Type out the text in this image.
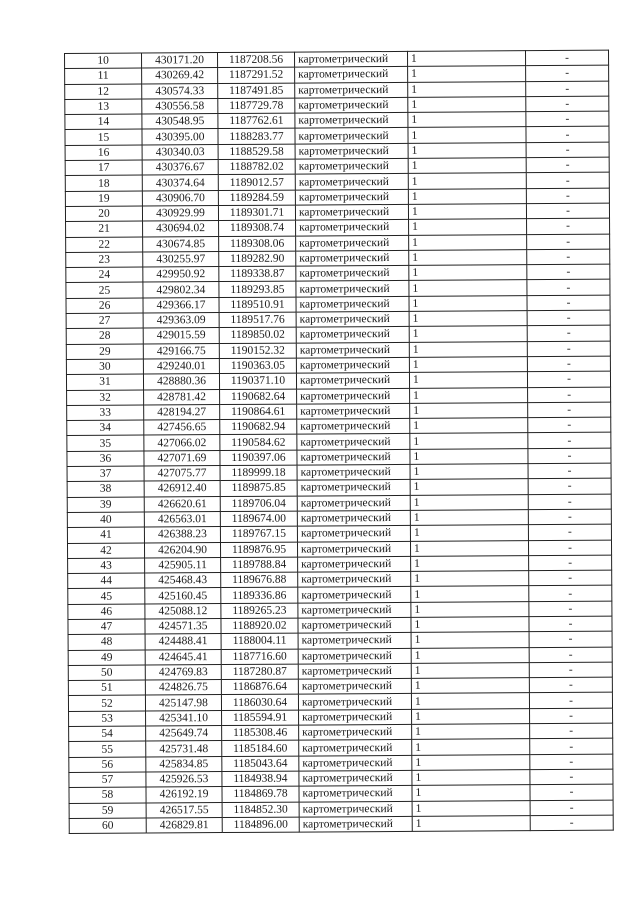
10	430171.20	1187208.56	картометрический	1	-
11	430269.42	1187291.52	картометрический	1	-
12	430574.33	1187491.85	картометрический	1	-
13	430556.58	1187729.78	картометрический	1	-
14	430548.95	1187762.61	картометрический	1	-
15	430395.00	1188283.77	картометрический	1	-
16	430340.03	1188529.58	картометрический	1	-
17	430376.67	1188782.02	картометрический	1	-
18	430374.64	1189012.57	картометрический	1	-
19	430906.70	1189284.59	картометрический	1	-
20	430929.99	1189301.71	картометрический	1	-
21	430694.02	1189308.74	картометрический	1	-
22	430674.85	1189308.06	картометрический	1	-
23	430255.97	1189282.90	картометрический	1	-
24	429950.92	1189338.87	картометрический	1	-
25	429802.34	1189293.85	картометрический	1	-
26	429366.17	1189510.91	картометрический	1	-
27	429363.09	1189517.76	картометрический	1	-
28	429015.59	1189850.02	картометрический	1	-
29	429166.75	1190152.32	картометрический	1	-
30	429240.01	1190363.05	картометрический	1	-
31	428880.36	1190371.10	картометрический	1	-
32	428781.42	1190682.64	картометрический	1	-
33	428194.27	1190864.61	картометрический	1	-
34	427456.65	1190682.94	картометрический	1	-
35	427066.02	1190584.62	картометрический	1	-
36	427071.69	1190397.06	картометрический	1	-
37	427075.77	1189999.18	картометрический	1	-
38	426912.40	1189875.85	картометрический	1	-
39	426620.61	1189706.04	картометрический	1	-
40	426563.01	1189674.00	картометрический	1	-
41	426388.23	1189767.15	картометрический	1	-
42	426204.90	1189876.95	картометрический	1	-
43	425905.11	1189788.84	картометрический	1	-
44	425468.43	1189676.88	картометрический	1	-
45	425160.45	1189336.86	картометрический	1	-
46	425088.12	1189265.23	картометрический	1	-
47	424571.35	1188920.02	картометрический	1	-
48	424488.41	1188004.11	картометрический	1	-
49	424645.41	1187716.60	картометрический	1	-
50	424769.83	1187280.87	картометрический	1	-
51	424826.75	1186876.64	картометрический	1	-
52	425147.98	1186030.64	картометрический	1	-
53	425341.10	1185594.91	картометрический	1	-
54	425649.74	1185308.46	картометрический	1	-
55	425731.48	1185184.60	картометрический	1	-
56	425834.85	1185043.64	картометрический	1	-
57	425926.53	1184938.94	картометрический	1	-
58	426192.19	1184869.78	картометрический	1	-
59	426517.55	1184852.30	картометрический	1	-
60	426829.81	1184896.00	картометрический	1	-
